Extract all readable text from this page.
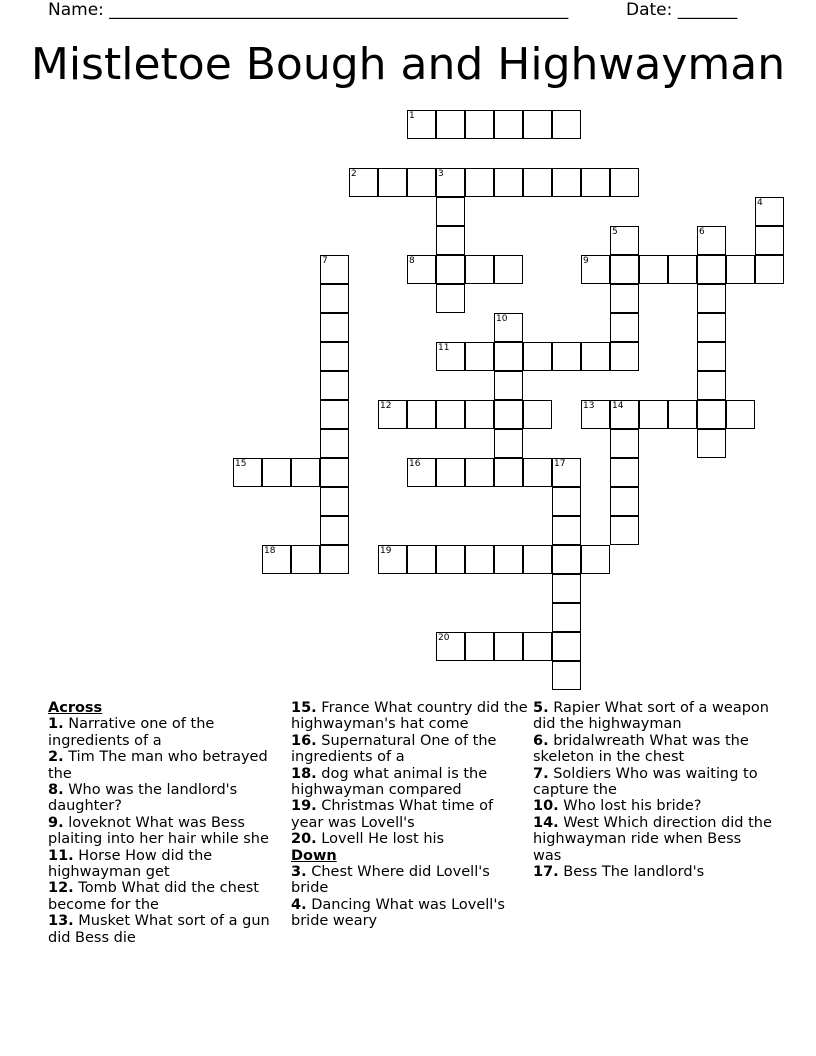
Name: ______________________________________________________	Date: _______
Mistletoe Bough and Highwayman
1
2	3
4
5	6
7	8	9
10
11
12	13 14
15	16	17
18	19
20
Across
1. Narrative one of the ingredients of a
2. Tim The man who betrayed the
8. Who was the landlord's daughter?
9. loveknot What was Bess plaiting into her hair while she
11. Horse How did the highwayman get
12. Tomb What did the chest become for the
13. Musket What sort of a gun did Bess die
15. France What country did the highwayman's hat come
16. Supernatural One of the ingredients of a
18. dog what animal is the highwayman compared
19. Christmas What time of year was Lovell's
20. Lovell He lost his
Down
3. Chest Where did Lovell's bride
4. Dancing What was Lovell's bride weary
5. Rapier What sort of a weapon did the highwayman
6. bridalwreath What was the skeleton in the chest
7. Soldiers Who was waiting to capture the
10. Who lost his bride?
14. West Which direction did the highwayman ride when Bess was
17. Bess The landlord's
